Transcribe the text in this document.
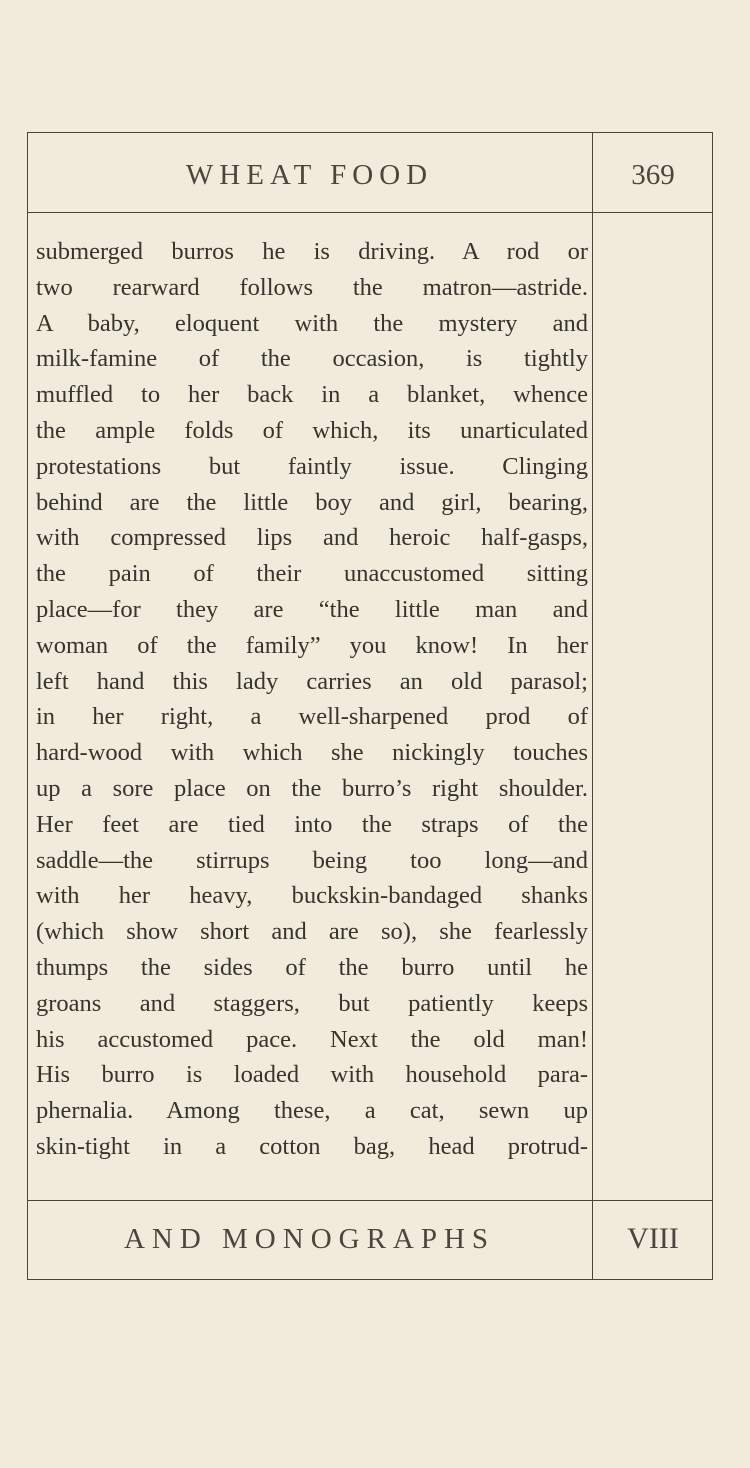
WHEAT FOOD	369
submerged burros he is driving. A rod or
two rearward follows the matron—astride.
A baby, eloquent with the mystery and
milk-famine of the occasion, is tightly
muffled to her back in a blanket, whence
the ample folds of which, its unarticulated
protestations but faintly issue. Clinging
behind are the little boy and girl, bearing,
with compressed lips and heroic half-gasps,
the pain of their unaccustomed sitting
place—for they are “the little man and
woman of the family” you know! In her
left hand this lady carries an old parasol;
in her right, a well-sharpened prod of
hard-wood with which she nickingly touches
up a sore place on the burro’s right shoulder.
Her feet are tied into the straps of the
saddle—the stirrups being too long—and
with her heavy, buckskin-bandaged shanks
(which show short and are so), she fearlessly
thumps the sides of the burro until he
groans and staggers, but patiently keeps
his accustomed pace. Next the old man!
His burro is loaded with household para-
phernalia. Among these, a cat, sewn up
skin-tight in a cotton bag, head protrud-
AND MONOGRAPHS	VIII
